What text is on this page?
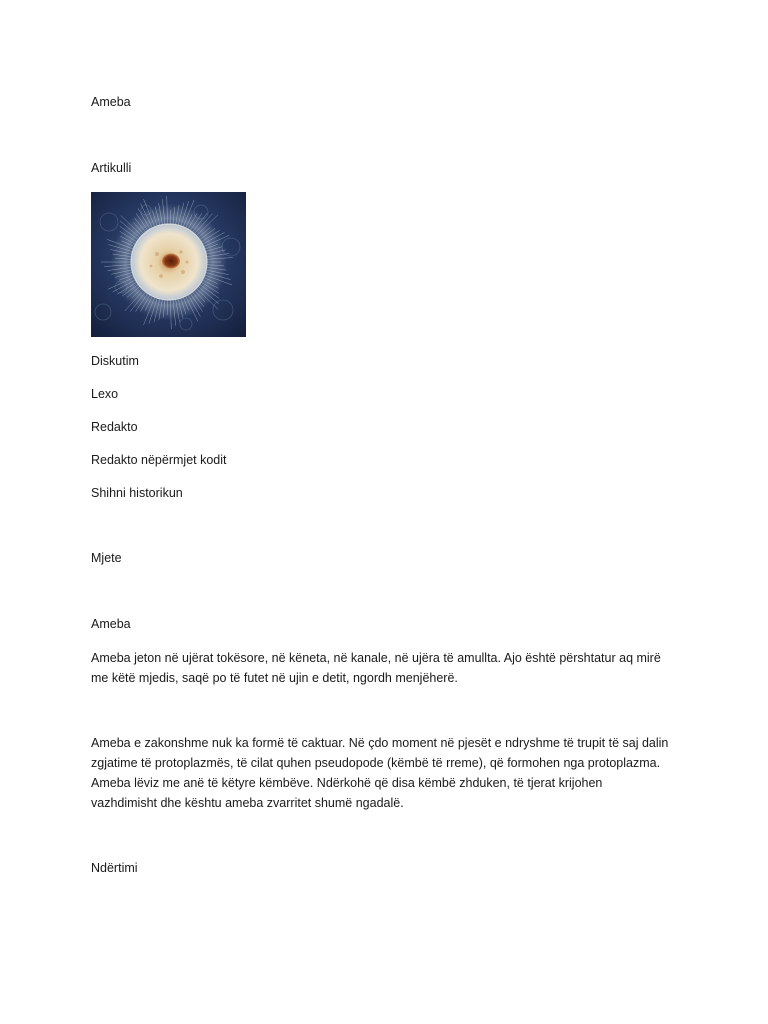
Ameba

Artikulli

Diskutim

Lexo

Redakto

Redakto nëpërmjet kodit

Shihni historikun

Mjete

Ameba

Ameba jeton në ujërat tokësore, në këneta, në kanale, në ujëra të amullta. Ajo është përshtatur aq mirë
me këtë mjedis, saqë po të futet në ujin e detit, ngordh menjëherë.
Ameba e zakonshme nuk ka formë të caktuar. Në çdo moment në pjesët e ndryshme të trupit të saj dalin
zgjatime të protoplazmës, të cilat quhen pseudopode (këmbë të rreme), që formohen nga protoplazma.
Ameba lëviz me anë të këtyre këmbëve. Ndërkohë që disa këmbë zhduken, të tjerat krijohen
vazhdimisht dhe kështu ameba zvarritet shumë ngadalë.

Ndërtimi
